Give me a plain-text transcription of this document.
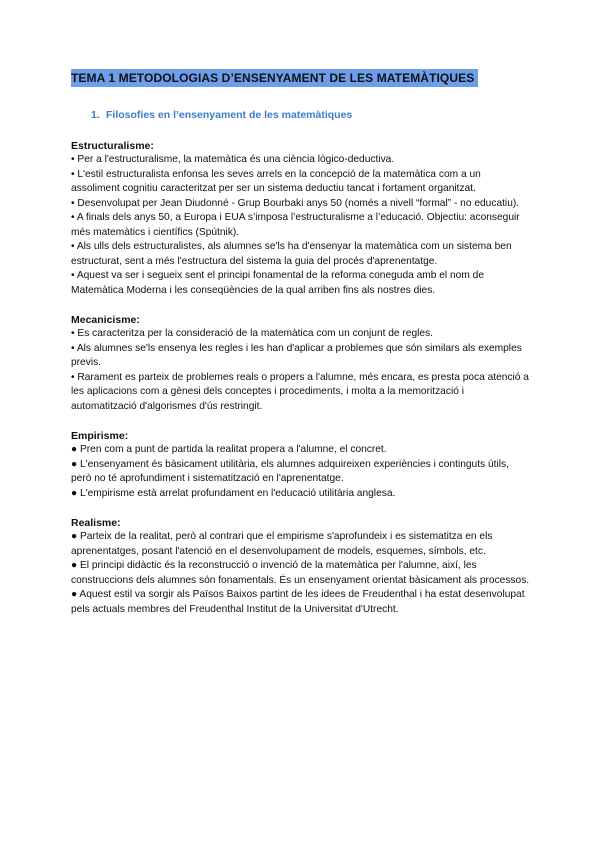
TEMA 1 METODOLOGIAS D’ENSENYAMENT DE LES MATEMÀTIQUES
1. Filosofies en l’ensenyament de les matemàtiques
Estructuralisme:
• Per a l'estructuralisme, la matemàtica és una ciència lògico-deductiva.
• L'estil estructuralista enfonsa les seves arrels en la concepció de la matemàtica com a un assoliment cognitiu caracteritzat per ser un sistema deductiu tancat i fortament organitzat.
• Desenvolupat per Jean Diudonné - Grup Bourbaki anys 50 (només a nivell “formal” - no educatiu).
• A finals dels anys 50, a Europa i EUA s’imposa l’estructuralisme a l’educació. Objectiu: aconseguir més matemàtics i científics (Spútnik).
• Als ulls dels estructuralistes, als alumnes se'ls ha d'ensenyar la matemàtica com un sistema ben estructurat, sent a més l'estructura del sistema la guia del procés d'aprenentatge.
• Aquest va ser i segueix sent el principi fonamental de la reforma coneguda amb el nom de Matemàtica Moderna i les conseqüències de la qual arriben fins als nostres dies.
Mecanicisme:
• Es caracteritza per la consideració de la matemàtica com un conjunt de regles.
• Als alumnes se'ls ensenya les regles i les han d'aplicar a problemes que són similars als exemples previs.
• Rarament es parteix de problemes reals o propers a l'alumne, més encara, es presta poca atenció a les aplicacions com a gènesi dels conceptes i procediments, i molta a la memorització i automatització d'algorismes d'ús restringit.
Empirisme:
● Pren com a punt de partida la realitat propera a l'alumne, el concret.
● L'ensenyament és bàsicament utilitària, els alumnes adquireixen experiències i continguts útils, però no té aprofundiment i sistematització en l'aprenentatge.
● L'empirisme està arrelat profundament en l'educació utilitària anglesa.
Realisme:
● Parteix de la realitat, però al contrari que el empirisme s'aprofundeix i es sistematitza en els aprenentatges, posant l'atenció en el desenvolupament de models, esquemes, símbols, etc.
● El principi didàctic és la reconstrucció o invenció de la matemàtica per l'alumne, així, les construccions dels alumnes són fonamentals. És un ensenyament orientat bàsicament als processos.
● Aquest estil va sorgir als Països Baixos partint de les idees de Freudenthal i ha estat desenvolupat pels actuals membres del Freudenthal Institut de la Universitat d'Utrecht.
